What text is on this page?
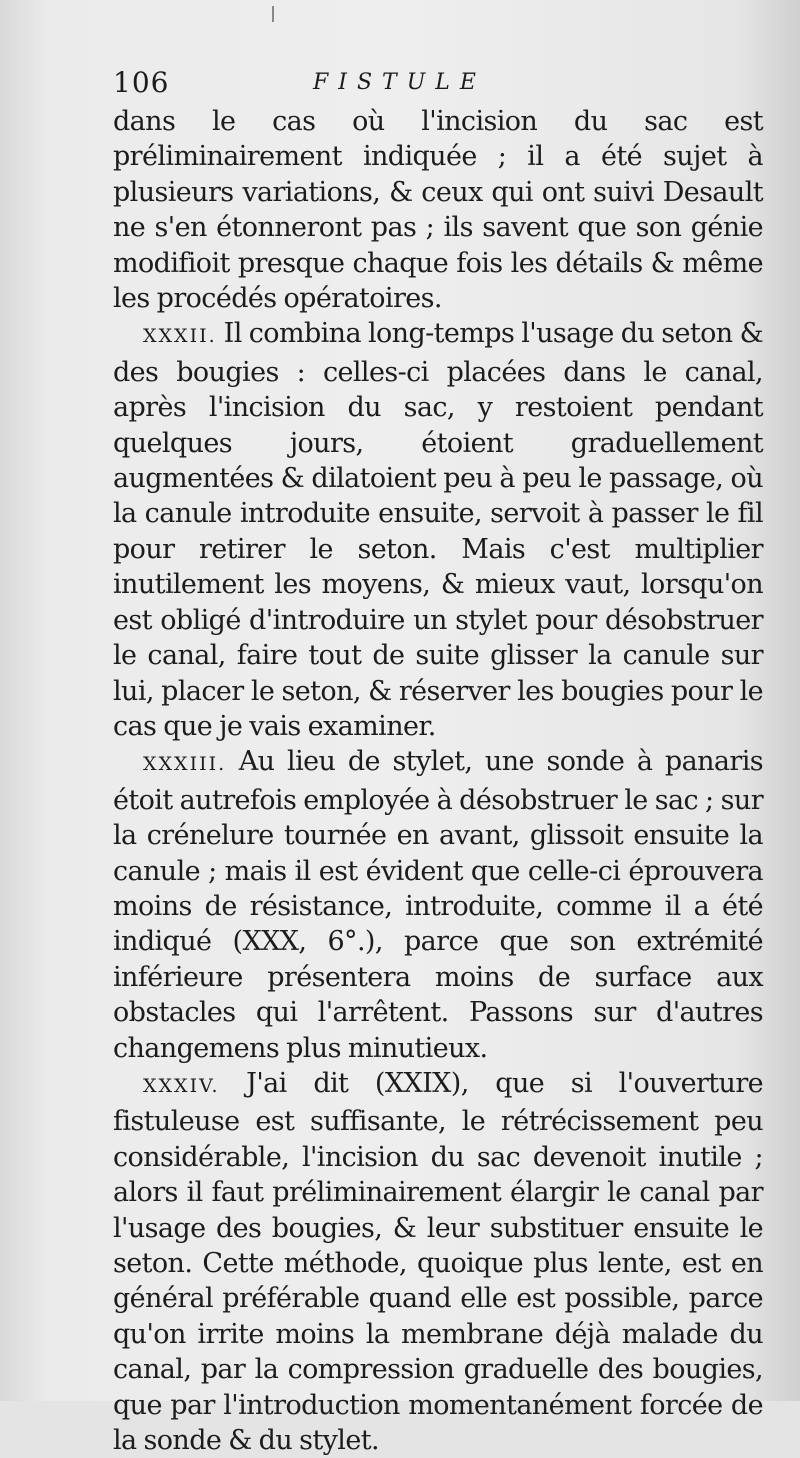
106	FISTULE

dans le cas où l'incision du sac est préliminairement indiquée ; il a été sujet à plusieurs variations, & ceux qui ont suivi Desault ne s'en étonneront pas ; ils savent que son génie modifioit presque chaque fois les détails & même les procédés opératoires.

XXXII. Il combina long-temps l'usage du seton & des bougies : celles-ci placées dans le canal, après l'incision du sac, y restoient pendant quelques jours, étoient graduellement augmentées & dilatoient peu à peu le passage, où la canule introduite ensuite, servoit à passer le fil pour retirer le seton. Mais c'est multiplier inutilement les moyens, & mieux vaut, lorsqu'on est obligé d'introduire un stylet pour désobstruer le canal, faire tout de suite glisser la canule sur lui, placer le seton, & réserver les bougies pour le cas que je vais examiner.

XXXIII. Au lieu de stylet, une sonde à panaris étoit autrefois employée à désobstruer le sac ; sur la crénelure tournée en avant, glissoit ensuite la canule ; mais il est évident que celle-ci éprouvera moins de résistance, introduite, comme il a été indiqué (XXX, 6°.), parce que son extrémité inférieure présentera moins de surface aux obstacles qui l'arrêtent. Passons sur d'autres changemens plus minutieux.

XXXIV. J'ai dit (XXIX), que si l'ouverture fistuleuse est suffisante, le rétrécissement peu considérable, l'incision du sac devenoit inutile ; alors il faut préliminairement élargir le canal par l'usage des bougies, & leur substituer ensuite le seton. Cette méthode, quoique plus lente, est en général préférable quand elle est possible, parce qu'on irrite moins la membrane déjà malade du canal, par la compression graduelle des bougies, que par l'introduction momentanément forcée de la sonde & du stylet.
